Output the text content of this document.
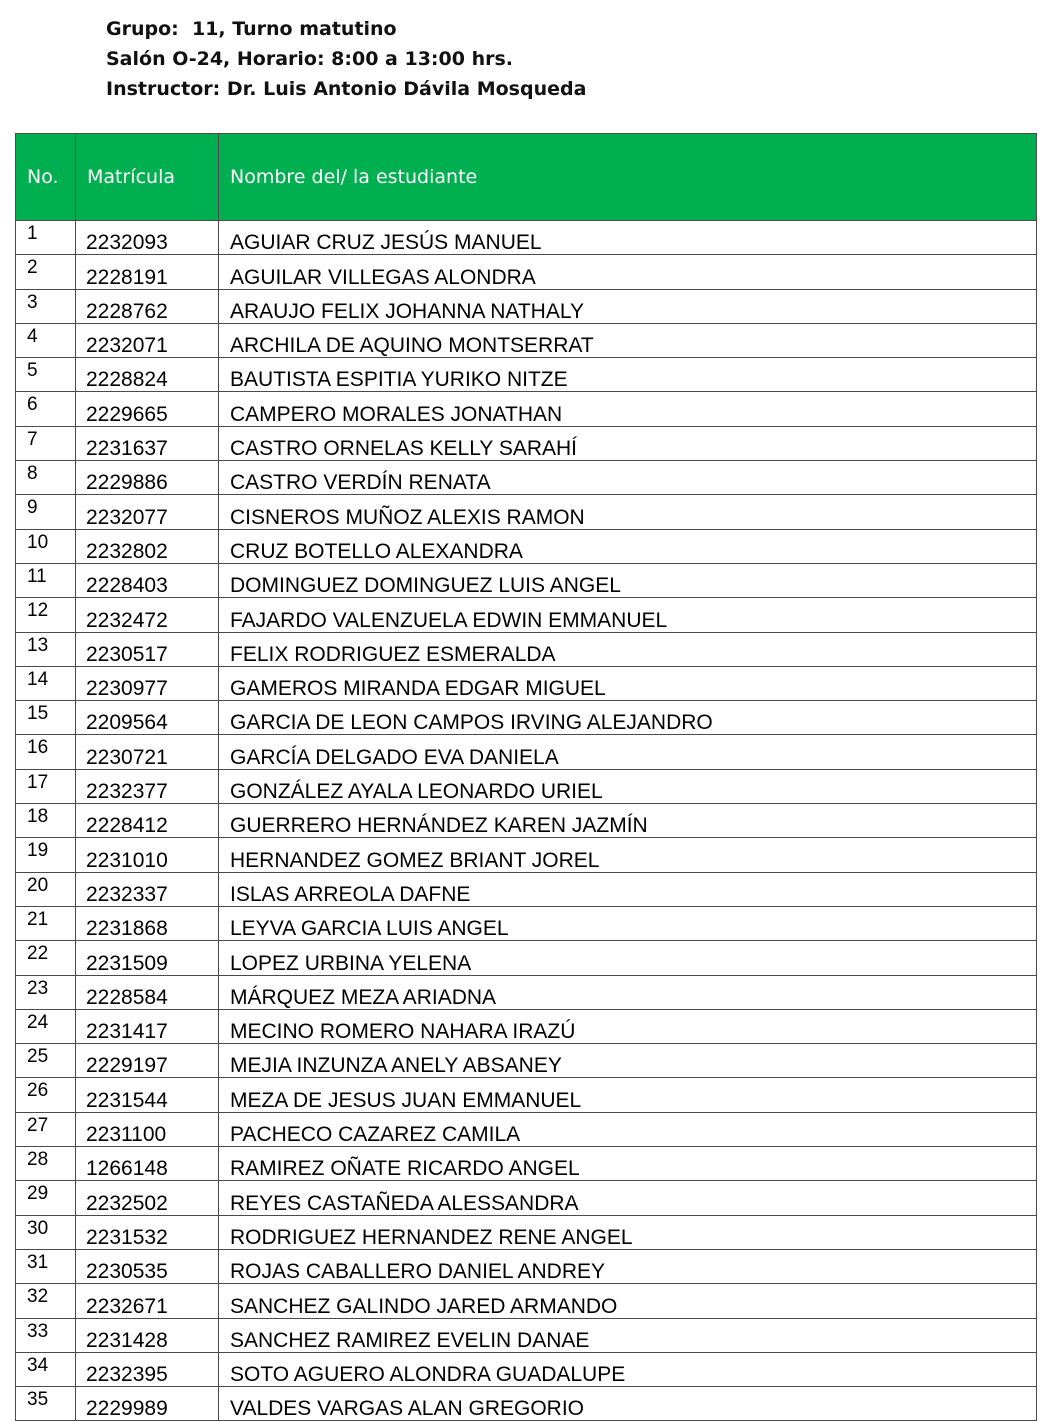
Grupo:  11, Turno matutino
Salón O-24, Horario: 8:00 a 13:00 hrs.
Instructor: Dr. Luis Antonio Dávila Mosqueda
No.	Matrícula	Nombre del/ la estudiante
1	2232093	AGUIAR CRUZ JESÚS MANUEL
2	2228191	AGUILAR VILLEGAS ALONDRA
3	2228762	ARAUJO FELIX JOHANNA NATHALY
4	2232071	ARCHILA DE AQUINO MONTSERRAT
5	2228824	BAUTISTA ESPITIA YURIKO NITZE
6	2229665	CAMPERO MORALES JONATHAN
7	2231637	CASTRO ORNELAS KELLY SARAHÍ
8	2229886	CASTRO VERDÍN RENATA
9	2232077	CISNEROS MUÑOZ ALEXIS RAMON
10	2232802	CRUZ BOTELLO ALEXANDRA
11	2228403	DOMINGUEZ DOMINGUEZ LUIS ANGEL
12	2232472	FAJARDO VALENZUELA EDWIN EMMANUEL
13	2230517	FELIX RODRIGUEZ ESMERALDA
14	2230977	GAMEROS MIRANDA EDGAR MIGUEL
15	2209564	GARCIA DE LEON CAMPOS IRVING ALEJANDRO
16	2230721	GARCÍA DELGADO EVA DANIELA
17	2232377	GONZÁLEZ AYALA LEONARDO URIEL
18	2228412	GUERRERO HERNÁNDEZ KAREN JAZMÍN
19	2231010	HERNANDEZ GOMEZ BRIANT JOREL
20	2232337	ISLAS ARREOLA DAFNE
21	2231868	LEYVA GARCIA LUIS ANGEL
22	2231509	LOPEZ URBINA YELENA
23	2228584	MÁRQUEZ MEZA ARIADNA
24	2231417	MECINO ROMERO NAHARA IRAZÚ
25	2229197	MEJIA INZUNZA ANELY ABSANEY
26	2231544	MEZA DE JESUS JUAN EMMANUEL
27	2231100	PACHECO CAZAREZ CAMILA
28	1266148	RAMIREZ OÑATE RICARDO ANGEL
29	2232502	REYES CASTAÑEDA ALESSANDRA
30	2231532	RODRIGUEZ HERNANDEZ RENE ANGEL
31	2230535	ROJAS CABALLERO DANIEL ANDREY
32	2232671	SANCHEZ GALINDO JARED ARMANDO
33	2231428	SANCHEZ RAMIREZ EVELIN DANAE
34	2232395	SOTO AGUERO ALONDRA GUADALUPE
35	2229989	VALDES VARGAS ALAN GREGORIO
